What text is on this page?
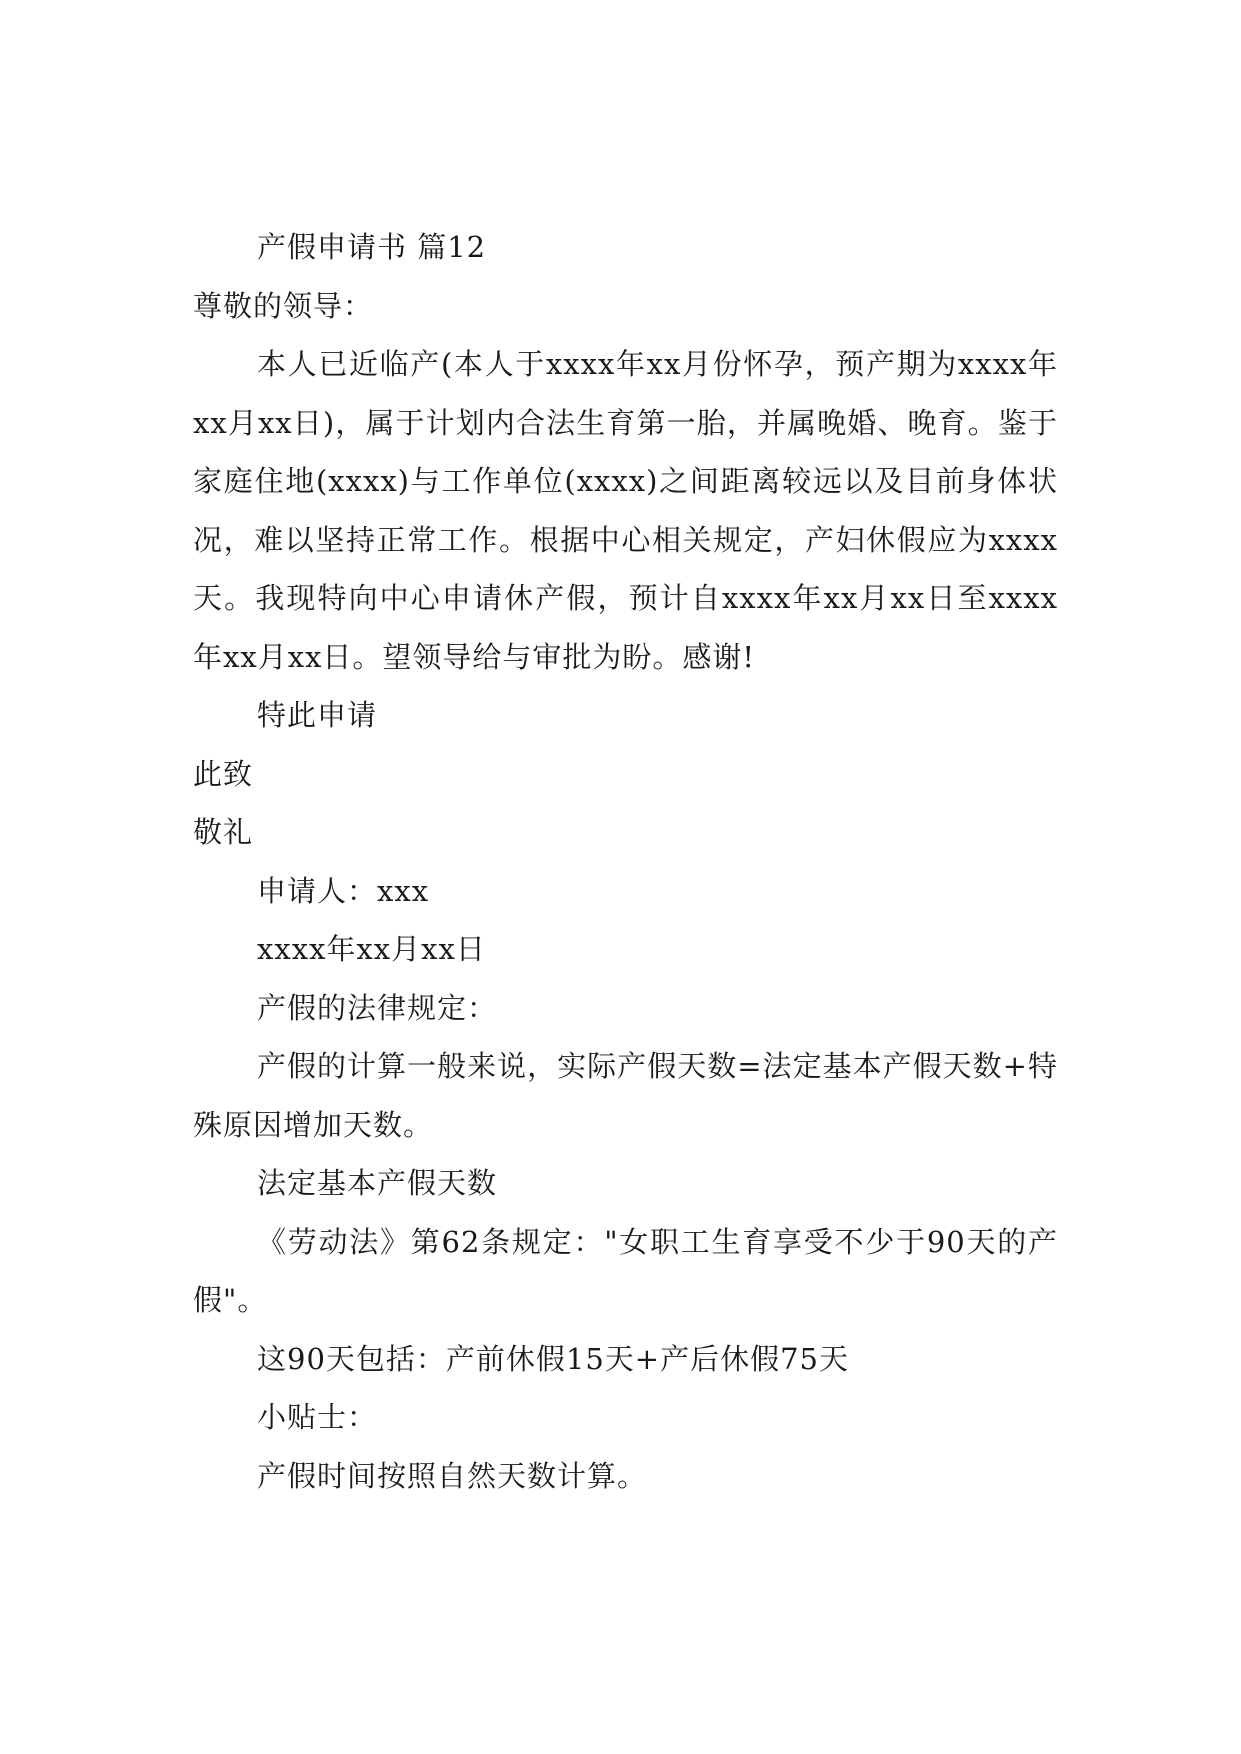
产假申请书 篇12

尊敬的领导：

本人已近临产(本人于xxxx年xx月份怀孕，预产期为xxxx年xx月xx日)，属于计划内合法生育第一胎，并属晚婚、晚育。鉴于家庭住地(xxxx)与工作单位(xxxx)之间距离较远以及目前身体状况，难以坚持正常工作。根据中心相关规定，产妇休假应为xxxx天。我现特向中心申请休产假，预计自xxxx年xx月xx日至xxxx年xx月xx日。望领导给与审批为盼。感谢!

特此申请

此致

敬礼

申请人：xxx

xxxx年xx月xx日

产假的法律规定：

产假的计算一般来说，实际产假天数=法定基本产假天数+特殊原因增加天数。

法定基本产假天数

《劳动法》第62条规定："女职工生育享受不少于90天的产假"。

这90天包括：产前休假15天+产后休假75天

小贴士：

产假时间按照自然天数计算。
